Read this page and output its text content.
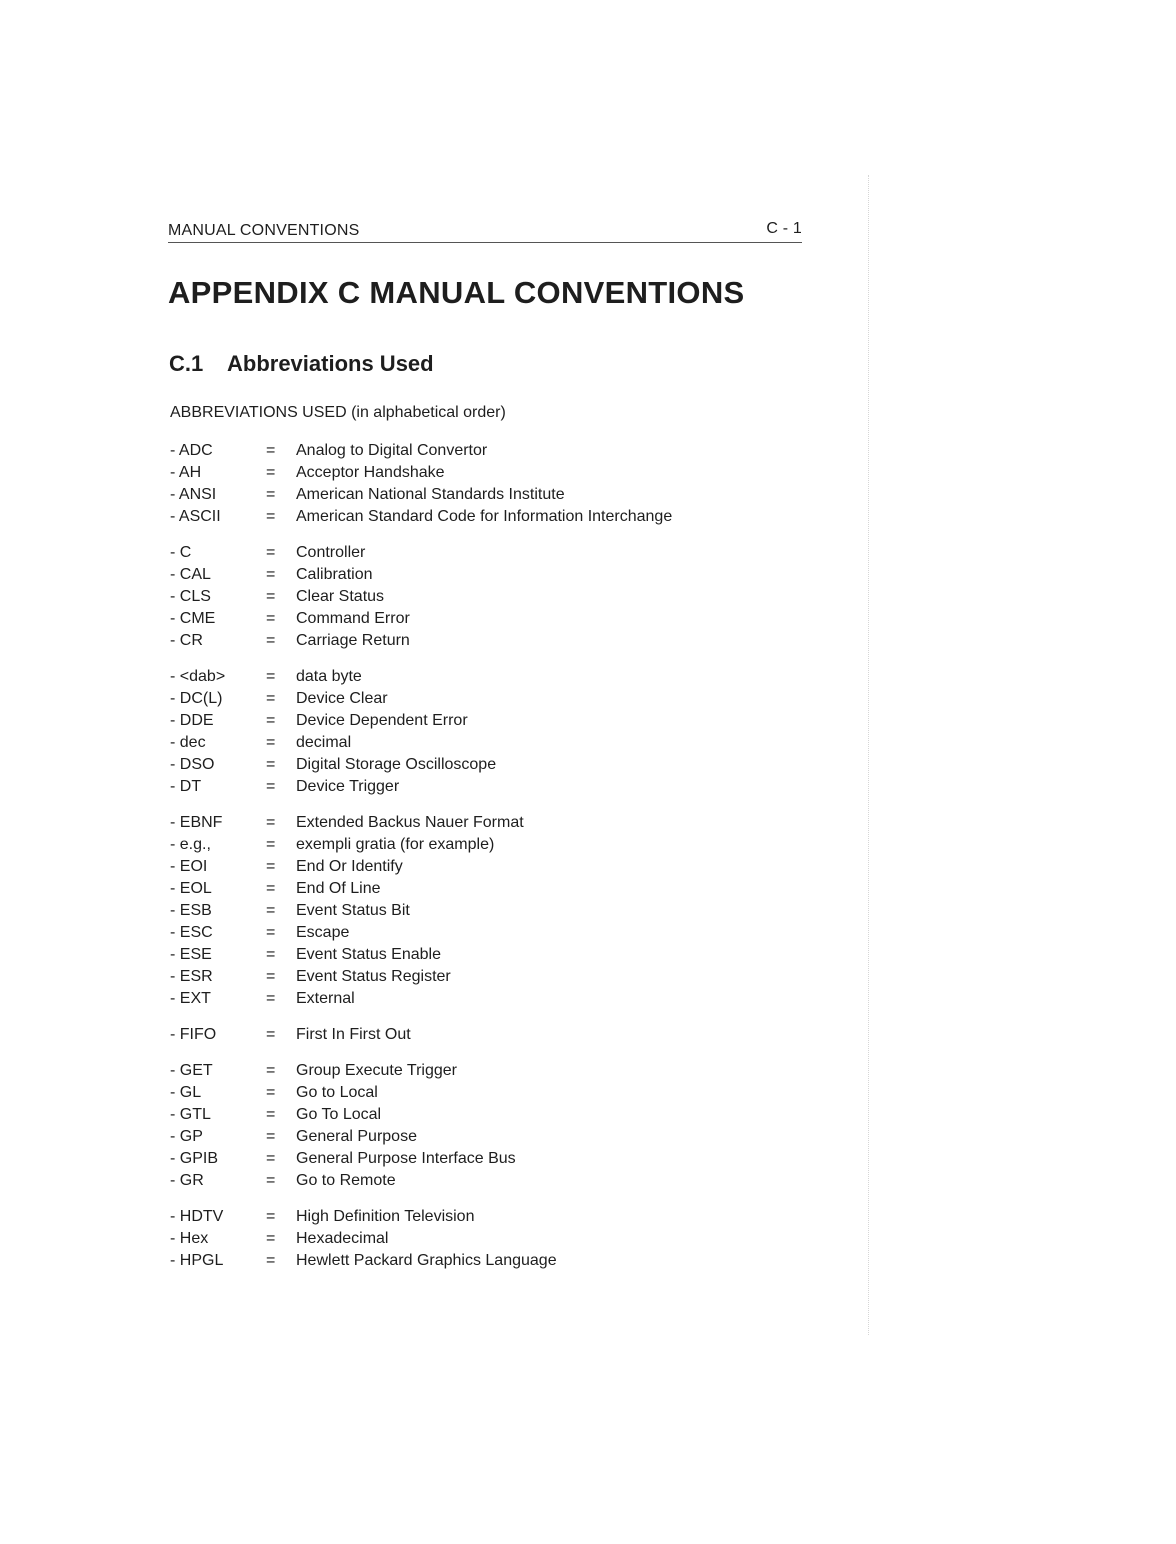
MANUAL CONVENTIONS	C - 1
APPENDIX C MANUAL CONVENTIONS
C.1 Abbreviations Used
ABBREVIATIONS USED (in alphabetical order)
- ADC	=	Analog to Digital Convertor
- AH	=	Acceptor Handshake
- ANSI	=	American National Standards Institute
- ASCII	=	American Standard Code for Information Interchange
- C	=	Controller
- CAL	=	Calibration
- CLS	=	Clear Status
- CME	=	Command Error
- CR	=	Carriage Return
- <dab>	=	data byte
- DC(L)	=	Device Clear
- DDE	=	Device Dependent Error
- dec	=	decimal
- DSO	=	Digital Storage Oscilloscope
- DT	=	Device Trigger
- EBNF	=	Extended Backus Nauer Format
- e.g.,	=	exempli gratia (for example)
- EOI	=	End Or Identify
- EOL	=	End Of Line
- ESB	=	Event Status Bit
- ESC	=	Escape
- ESE	=	Event Status Enable
- ESR	=	Event Status Register
- EXT	=	External
- FIFO	=	First In First Out
- GET	=	Group Execute Trigger
- GL	=	Go to Local
- GTL	=	Go To Local
- GP	=	General Purpose
- GPIB	=	General Purpose Interface Bus
- GR	=	Go to Remote
- HDTV	=	High Definition Television
- Hex	=	Hexadecimal
- HPGL	=	Hewlett Packard Graphics Language
